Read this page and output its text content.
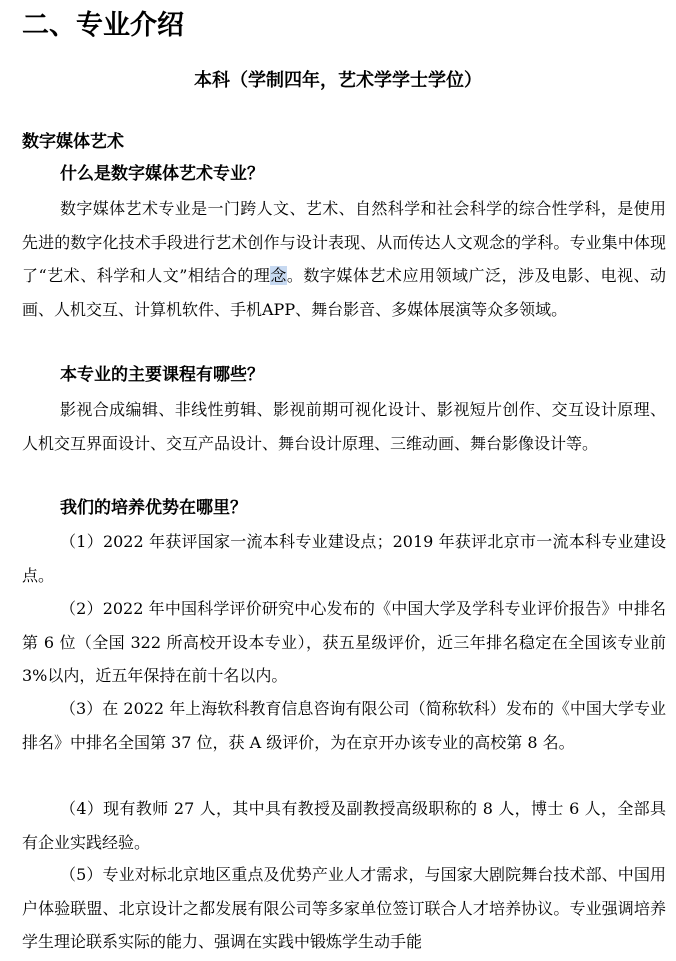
二、专业介绍
本科（学制四年，艺术学学士学位）
数字媒体艺术
什么是数字媒体艺术专业？

数字媒体艺术专业是一门跨人文、艺术、自然科学和社会科学的综合性学科，是使用先进的数字化技术手段进行艺术创作与设计表现、从而传达人文观念的学科。专业集中体现了“艺术、科学和人文”相结合的理念。数字媒体艺术应用领域广泛，涉及电影、电视、动画、人机交互、计算机软件、手机APP、舞台影音、多媒体展演等众多领域。

本专业的主要课程有哪些？

影视合成编辑、非线性剪辑、影视前期可视化设计、影视短片创作、交互设计原理、人机交互界面设计、交互产品设计、舞台设计原理、三维动画、舞台影像设计等。

我们的培养优势在哪里？

（1）2022 年获评国家一流本科专业建设点；2019 年获评北京市一流本科专业建设点。

（2）2022 年中国科学评价研究中心发布的《中国大学及学科专业评价报告》中排名第 6 位（全国 322 所高校开设本专业），获五星级评价，近三年排名稳定在全国该专业前 3%以内，近五年保持在前十名以内。

（3）在 2022 年上海软科教育信息咨询有限公司（简称软科）发布的《中国大学专业排名》中排名全国第 37 位，获 A 级评价，为在京开办该专业的高校第 8 名。

（4）现有教师 27 人，其中具有教授及副教授高级职称的 8 人，博士 6 人，全部具有企业实践经验。

（5）专业对标北京地区重点及优势产业人才需求，与国家大剧院舞台技术部、中国用户体验联盟、北京设计之都发展有限公司等多家单位签订联合人才培养协议。专业强调培养学生理论联系实际的能力、强调在实践中锻炼学生动手能
